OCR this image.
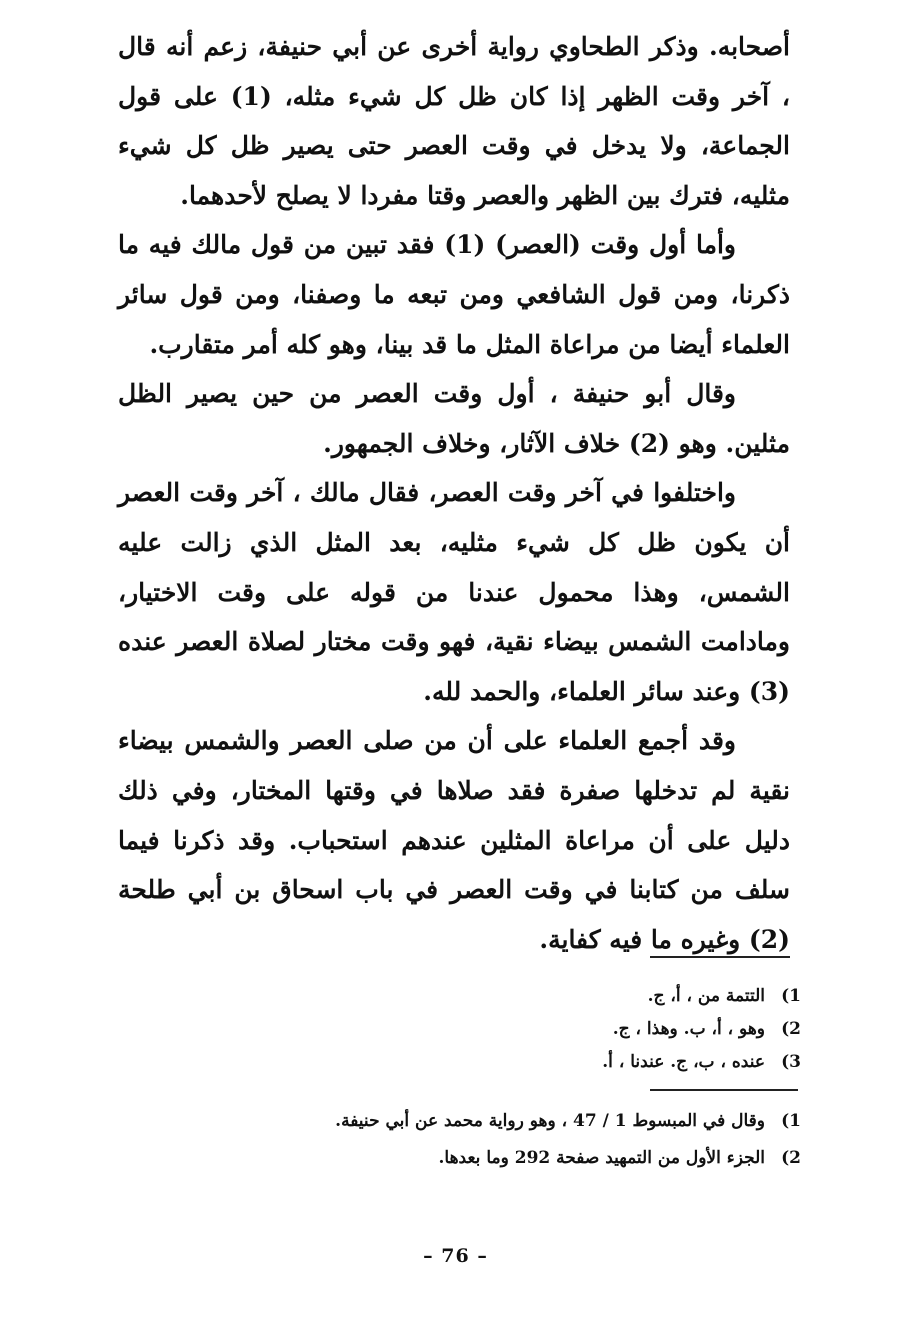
أصحابه. وذكر الطحاوي رواية أخرى عن أبي حنيفة، زعم أنه قال ، آخر وقت الظهر إذا كان ظل كل شيء مثله، (1) على قول الجماعة، ولا يدخل في وقت العصر حتى يصير ظل كل شيء مثليه، فترك بين الظهر والعصر وقتا مفردا لا يصلح لأحدهما.

وأما أول وقت (العصر) (1) فقد تبين من قول مالك فيه ما ذكرنا، ومن قول الشافعي ومن تبعه ما وصفنا، ومن قول سائر العلماء أيضا من مراعاة المثل ما قد بينا، وهو كله أمر متقارب.

وقال أبو حنيفة ، أول وقت العصر من حين يصير الظل مثلين. وهو (2) خلاف الآثار، وخلاف الجمهور.

واختلفوا في آخر وقت العصر، فقال مالك ، آخر وقت العصر أن يكون ظل كل شيء مثليه، بعد المثل الذي زالت عليه الشمس، وهذا محمول عندنا من قوله على وقت الاختيار، ومادامت الشمس بيضاء نقية، فهو وقت مختار لصلاة العصر عنده (3) وعند سائر العلماء، والحمد لله.

وقد أجمع العلماء على أن من صلى العصر والشمس بيضاء نقية لم تدخلها صفرة فقد صلاها في وقتها المختار، وفي ذلك دليل على أن مراعاة المثلين عندهم استحباب. وقد ذكرنا فيما سلف من كتابنا في وقت العصر في باب اسحاق بن أبي طلحة (2) وغيره ما فيه كفاية.

(1
التتمة من ، أ، ج.
(2
وهو ، أ، ب. وهذا ، ج.
(3
عنده ، ب، ج. عندنا ، أ.
(1
وقال في المبسوط 1 / 47 ، وهو رواية محمد عن أبي حنيفة.
(2
الجزء الأول من التمهيد صفحة 292 وما بعدها.
– 76 –
